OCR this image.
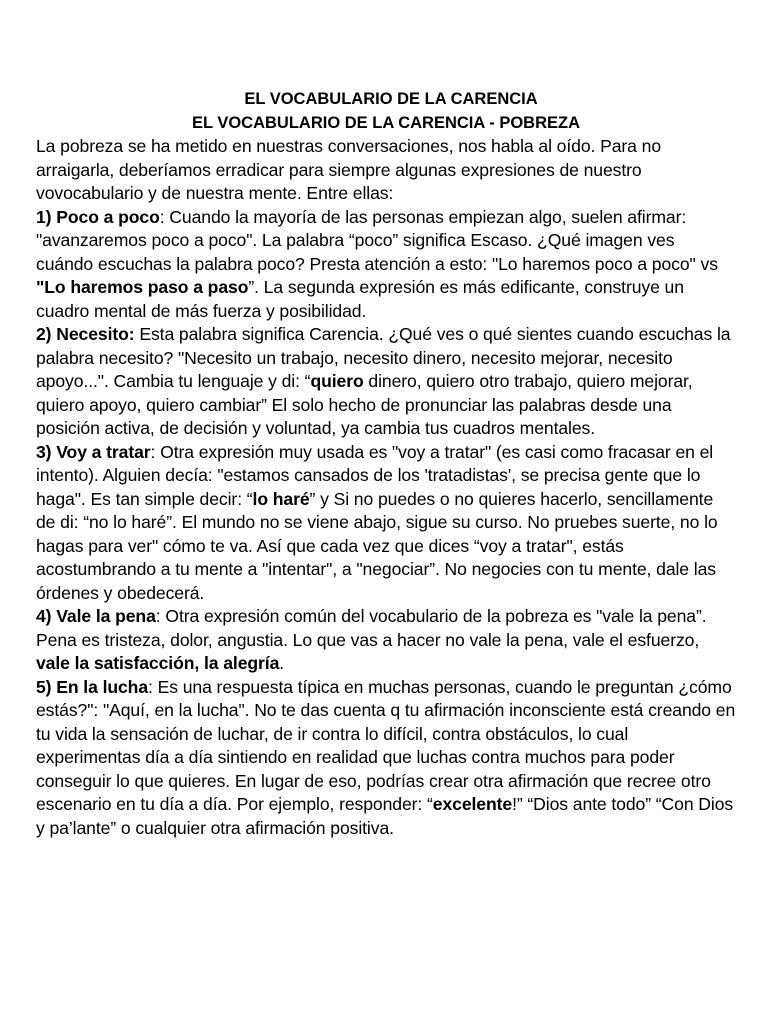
EL VOCABULARIO DE LA CARENCIA
EL VOCABULARIO DE LA CARENCIA - POBREZA

La pobreza se ha metido en nuestras conversaciones, nos habla al oído. Para no arraigarla, deberíamos erradicar para siempre algunas expresiones de nuestro vovocabulario y de nuestra mente. Entre ellas:

1) Poco a poco: Cuando la mayoría de las personas empiezan algo, suelen afirmar: "avanzaremos poco a poco". La palabra “poco” significa Escaso. ¿Qué imagen ves cuándo escuchas la palabra poco? Presta atención a esto: "Lo haremos poco a poco" vs "Lo haremos paso a paso”. La segunda expresión es más edificante, construye un cuadro mental de más fuerza y posibilidad.

2) Necesito: Esta palabra significa Carencia. ¿Qué ves o qué sientes cuando escuchas la palabra necesito? "Necesito un trabajo, necesito dinero, necesito mejorar, necesito apoyo...". Cambia tu lenguaje y di: “quiero dinero, quiero otro trabajo, quiero mejorar, quiero apoyo, quiero cambiar” El solo hecho de pronunciar las palabras desde una posición activa, de decisión y voluntad, ya cambia tus cuadros mentales.

3) Voy a tratar: Otra expresión muy usada es "voy a tratar" (es casi como fracasar en el intento). Alguien decía: "estamos cansados de los 'tratadistas', se precisa gente que lo haga". Es tan simple decir: “lo haré” y Si no puedes o no quieres hacerlo, sencillamente de di: “no lo haré”. El mundo no se viene abajo, sigue su curso. No pruebes suerte, no lo hagas para ver" cómo te va. Así que cada vez que dices “voy a tratar", estás acostumbrando a tu mente a "intentar", a "negociar”. No negocies con tu mente, dale las órdenes y obedecerá.

4) Vale la pena: Otra expresión común del vocabulario de la pobreza es "vale la pena”. Pena es tristeza, dolor, angustia. Lo que vas a hacer no vale la pena, vale el esfuerzo, vale la satisfacción, la alegría.

5) En la lucha: Es una respuesta típica en muchas personas, cuando le preguntan ¿cómo estás?": "Aquí, en la lucha". No te das cuenta q tu afirmación inconsciente está creando en tu vida la sensación de luchar, de ir contra lo difícil, contra obstáculos, lo cual experimentas día a día sintiendo en realidad que luchas contra muchos para poder conseguir lo que quieres. En lugar de eso, podrías crear otra afirmación que recree otro escenario en tu día a día. Por ejemplo, responder: “excelente!” “Dios ante todo” “Con Dios y pa’lante” o cualquier otra afirmación positiva.
